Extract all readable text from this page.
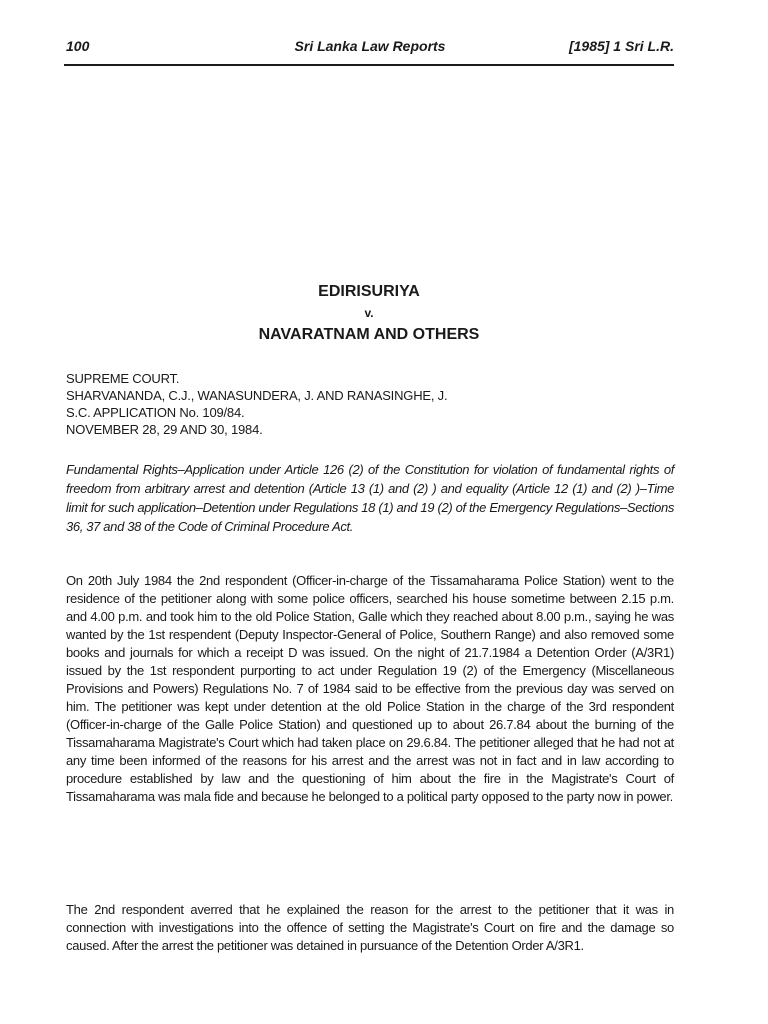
100	Sri Lanka Law Reports	[1985] 1 Sri L.R.
EDIRISURIYA
v.
NAVARATNAM AND OTHERS
SUPREME COURT.
SHARVANANDA, C.J., WANASUNDERA, J. AND RANASINGHE, J.
S.C. APPLICATION No. 109/84.
NOVEMBER 28, 29 AND 30, 1984.
Fundamental Rights–Application under Article 126 (2) of the Constitution for violation of fundamental rights of freedom from arbitrary arrest and detention (Article 13 (1) and (2) ) and equality (Article 12 (1) and (2) )–Time limit for such application–Detention under Regulations 18 (1) and 19 (2) of the Emergency Regulations–Sections 36, 37 and 38 of the Code of Criminal Procedure Act.
On 20th July 1984 the 2nd respondent (Officer-in-charge of the Tissamaharama Police Station) went to the residence of the petitioner along with some police officers, searched his house sometime between 2.15 p.m. and 4.00 p.m. and took him to the old Police Station, Galle which they reached about 8.00 p.m., saying he was wanted by the 1st respendent (Deputy Inspector-General of Police, Southern Range) and also removed some books and journals for which a receipt D was issued. On the night of 21.7.1984 a Detention Order (A/3R1) issued by the 1st respondent purporting to act under Regulation 19 (2) of the Emergency (Miscellaneous Provisions and Powers) Regulations No. 7 of 1984 said to be effective from the previous day was served on him. The petitioner was kept under detention at the old Police Station in the charge of the 3rd respondent (Officer-in-charge of the Galle Police Station) and questioned up to about 26.7.84 about the burning of the Tissamaharama Magistrate's Court which had taken place on 29.6.84. The petitioner alleged that he had not at any time been informed of the reasons for his arrest and the arrest was not in fact and in law according to procedure established by law and the questioning of him about the fire in the Magistrate's Court of Tissamaharama was mala fide and because he belonged to a political party opposed to the party now in power.
The 2nd respondent averred that he explained the reason for the arrest to the petitioner that it was in connection with investigations into the offence of setting the Magistrate's Court on fire and the damage so caused. After the arrest the petitioner was detained in pursuance of the Detention Order A/3R1.
